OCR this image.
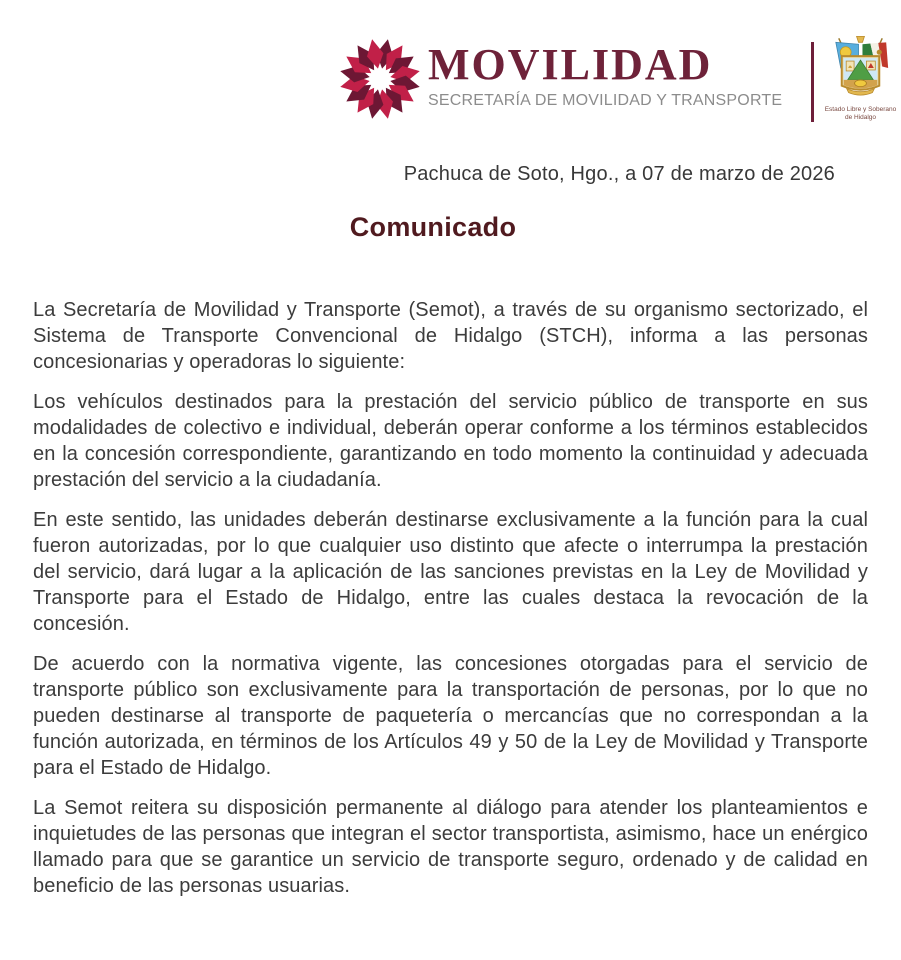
MOVILIDAD
SECRETARÍA DE MOVILIDAD Y TRANSPORTE
Estado Libre y Soberano
de Hidalgo
Pachuca de Soto, Hgo., a 07 de marzo de 2026
Comunicado

La Secretaría de Movilidad y Transporte (Semot), a través de su organismo sectorizado, el Sistema de Transporte Convencional de Hidalgo (STCH), informa a las personas concesionarias y operadoras lo siguiente:

Los vehículos destinados para la prestación del servicio público de transporte en sus modalidades de colectivo e individual, deberán operar conforme a los términos establecidos en la concesión correspondiente, garantizando en todo momento la continuidad y adecuada prestación del servicio a la ciudadanía.

En este sentido, las unidades deberán destinarse exclusivamente a la función para la cual fueron autorizadas, por lo que cualquier uso distinto que afecte o interrumpa la prestación del servicio, dará lugar a la aplicación de las sanciones previstas en la Ley de Movilidad y Transporte para el Estado de Hidalgo, entre las cuales destaca la revocación de la concesión.

De acuerdo con la normativa vigente, las concesiones otorgadas para el servicio de transporte público son exclusivamente para la transportación de personas, por lo que no pueden destinarse al transporte de paquetería o mercancías que no correspondan a la función autorizada, en términos de los Artículos 49 y 50 de la Ley de Movilidad y Transporte para el Estado de Hidalgo.

La Semot reitera su disposición permanente al diálogo para atender los planteamientos e inquietudes de las personas que integran el sector transportista, asimismo, hace un enérgico llamado para que se garantice un servicio de transporte seguro, ordenado y de calidad en beneficio de las personas usuarias.
